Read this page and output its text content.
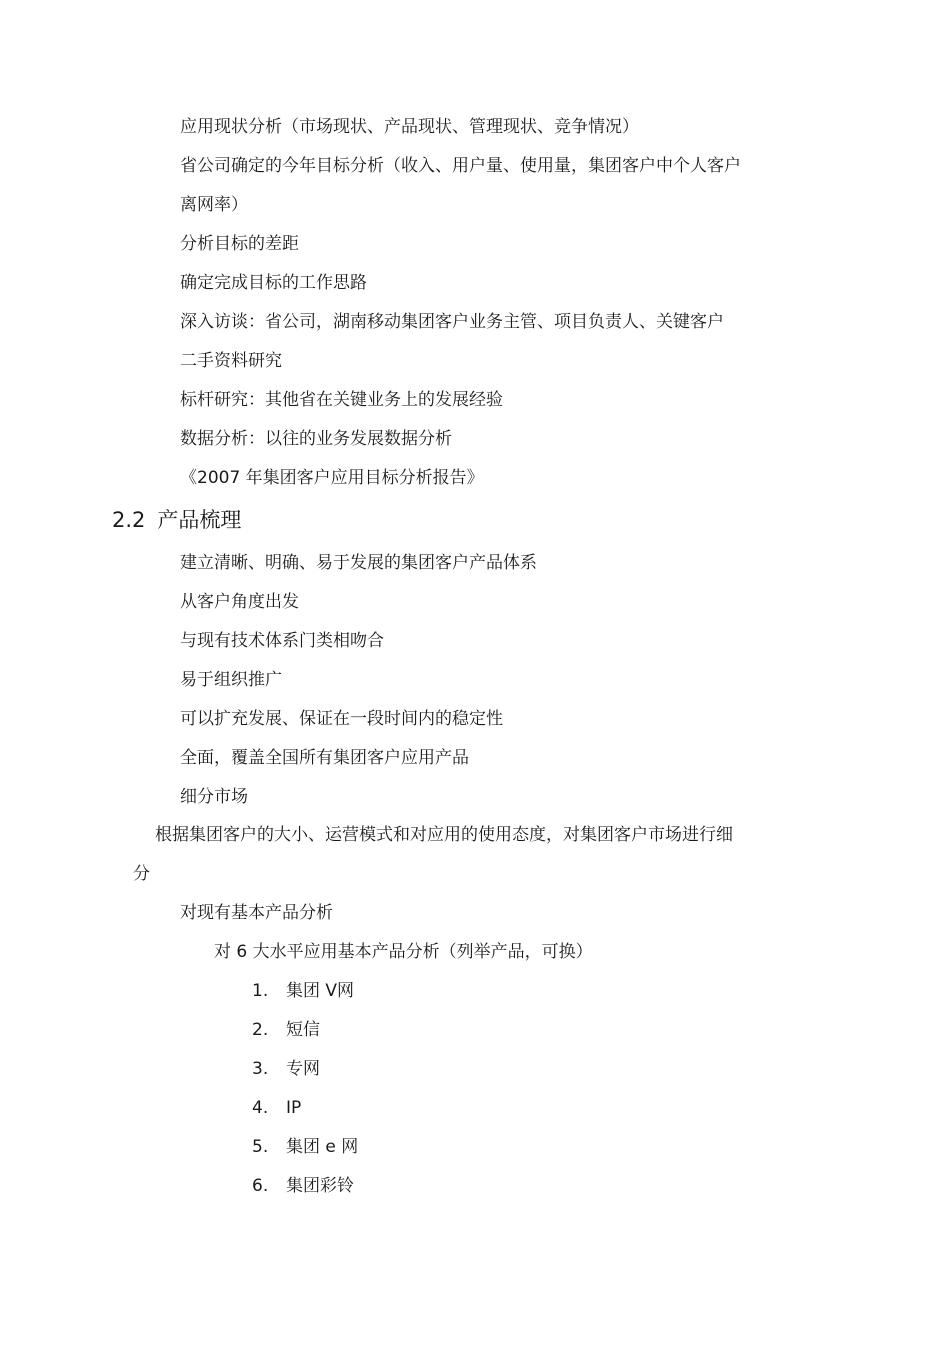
应用现状分析（市场现状、产品现状、管理现状、竞争情况）
省公司确定的今年目标分析（收入、用户量、使用量，集团客户中个人客户
离网率）
分析目标的差距
确定完成目标的工作思路
深入访谈：省公司，湖南移动集团客户业务主管、项目负责人、关键客户
二手资料研究
标杆研究：其他省在关键业务上的发展经验
数据分析：以往的业务发展数据分析
《2007 年集团客户应用目标分析报告》
2.2 产品梳理
建立清晰、明确、易于发展的集团客户产品体系
从客户角度出发
与现有技术体系门类相吻合
易于组织推广
可以扩充发展、保证在一段时间内的稳定性
全面，覆盖全国所有集团客户应用产品
细分市场
根据集团客户的大小、运营模式和对应用的使用态度，对集团客户市场进行细
分
对现有基本产品分析
对 6 大水平应用基本产品分析（列举产品，可换）
1. 集团 V网
2. 短信
3. 专网
4. IP
5. 集团 e 网
6. 集团彩铃
